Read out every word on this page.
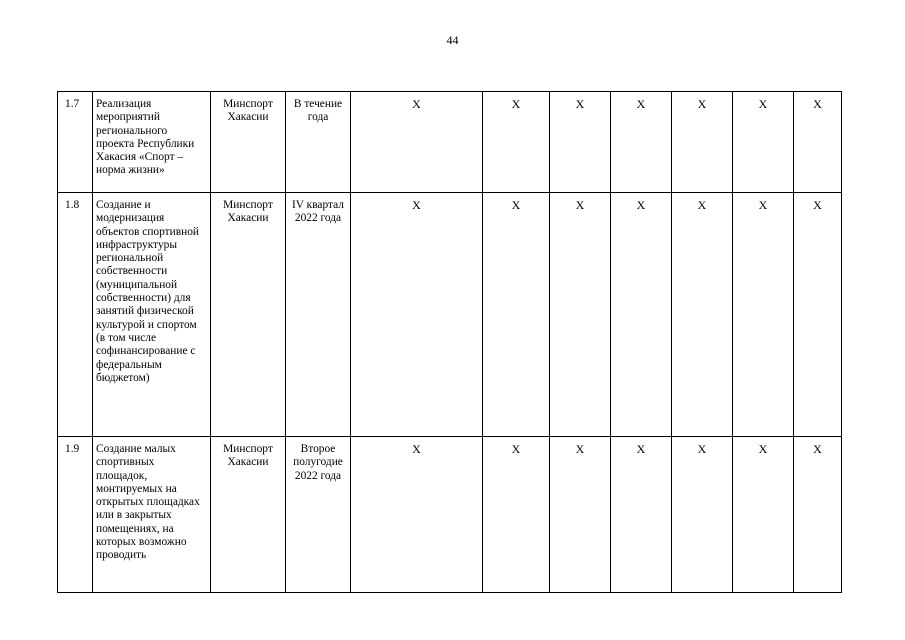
44
1.7	Реализация мероприятий регионального проекта Республики Хакасия «Спорт – норма жизни»	Минспорт Хакасии	В течение года	X	X	X	X	X	X	X
1.8	Создание и модернизация объектов спортивной инфраструктуры региональной собственности (муниципальной собственности) для занятий физической культурой и спортом (в том числе софинансирование с федеральным бюджетом)	Минспорт Хакасии	IV квартал 2022 года	X	X	X	X	X	X	X
1.9	Создание малых спортивных площадок, монтируемых на открытых площадках или в закрытых помещениях, на которых возможно проводить	Минспорт Хакасии	Второе полугодие 2022 года	X	X	X	X	X	X	X
